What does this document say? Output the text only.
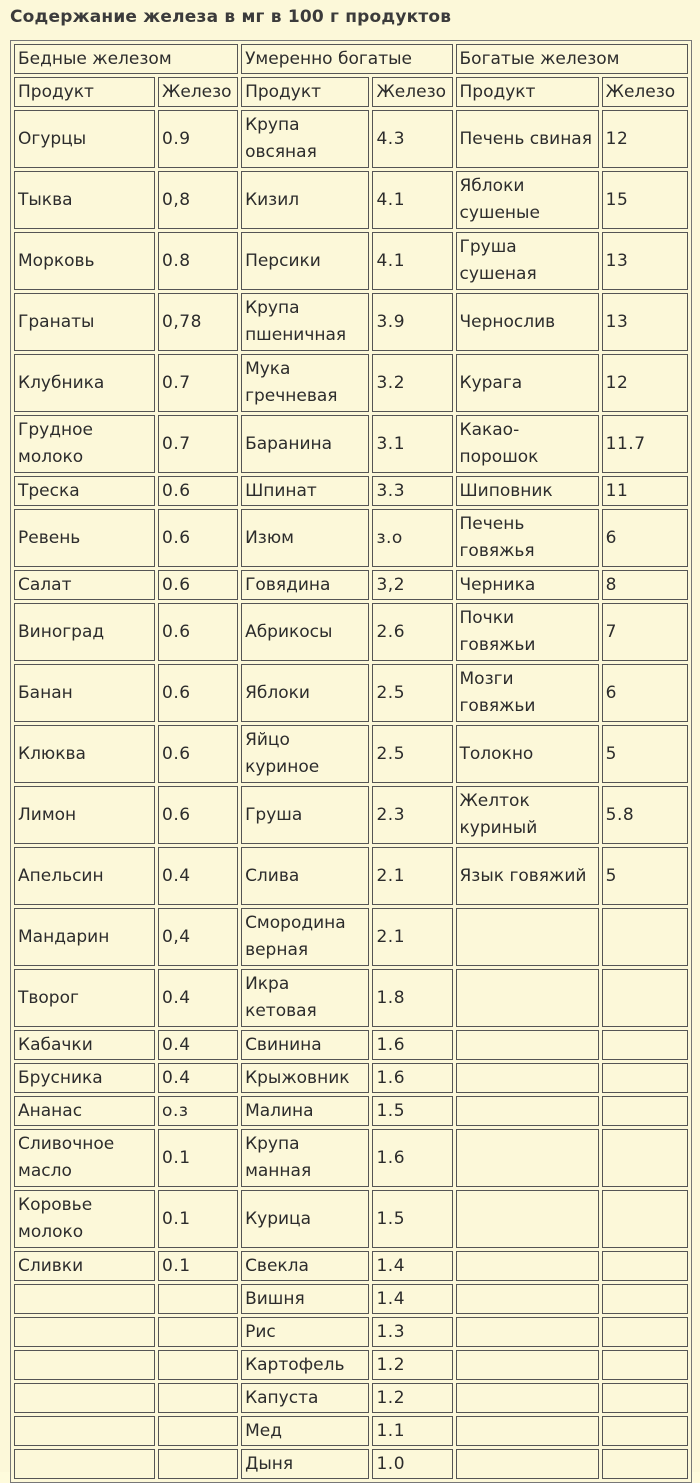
Содержание железа в мг в 100 г продуктов
Бедные железом		Умеренно богатые		Богатые железом	
Продукт	Железо	Продукт	Железо	Продукт	Железо
Огурцы	0.9	Крупа овсяная	4.3	Печень свиная	12
Тыква	0,8	Кизил	4.1	Яблоки сушеные	15
Морковь	0.8	Персики	4.1	Груша сушеная	13
Гранаты	0,78	Крупа пшеничная	3.9	Чернослив	13
Клубника	0.7	Мука гречневая	3.2	Курага	12
Грудное молоко	0.7	Баранина	3.1	Какао-порошок	11.7
Треска	0.6	Шпинат	3.3	Шиповник	11
Ревень	0.6	Изюм	з.о	Печень говяжья	6
Салат	0.6	Говядина	3,2	Черника	8
Виноград	0.6	Абрикосы	2.6	Почки говяжьи	7
Банан	0.6	Яблоки	2.5	Мозги говяжьи	6
Клюква	0.6	Яйцо куриное	2.5	Толокно	5
Лимон	0.6	Груша	2.3	Желток куриный	5.8
Апельсин	0.4	Слива	2.1	Язык говяжий	5
Мандарин	0,4	Смородина верная	2.1		
Творог	0.4	Икра кетовая	1.8		
Кабачки	0.4	Свинина	1.6		
Брусника	0.4	Крыжовник	1.6		
Ананас	о.з	Малина	1.5		
Сливочное масло	0.1	Крупа манная	1.6		
Коровье молоко	0.1	Курица	1.5		
Сливки	0.1	Свекла	1.4		
		Вишня	1.4		
		Рис	1.3		
		Картофель	1.2		
		Капуста	1.2		
		Мед	1.1		
		Дыня	1.0		
